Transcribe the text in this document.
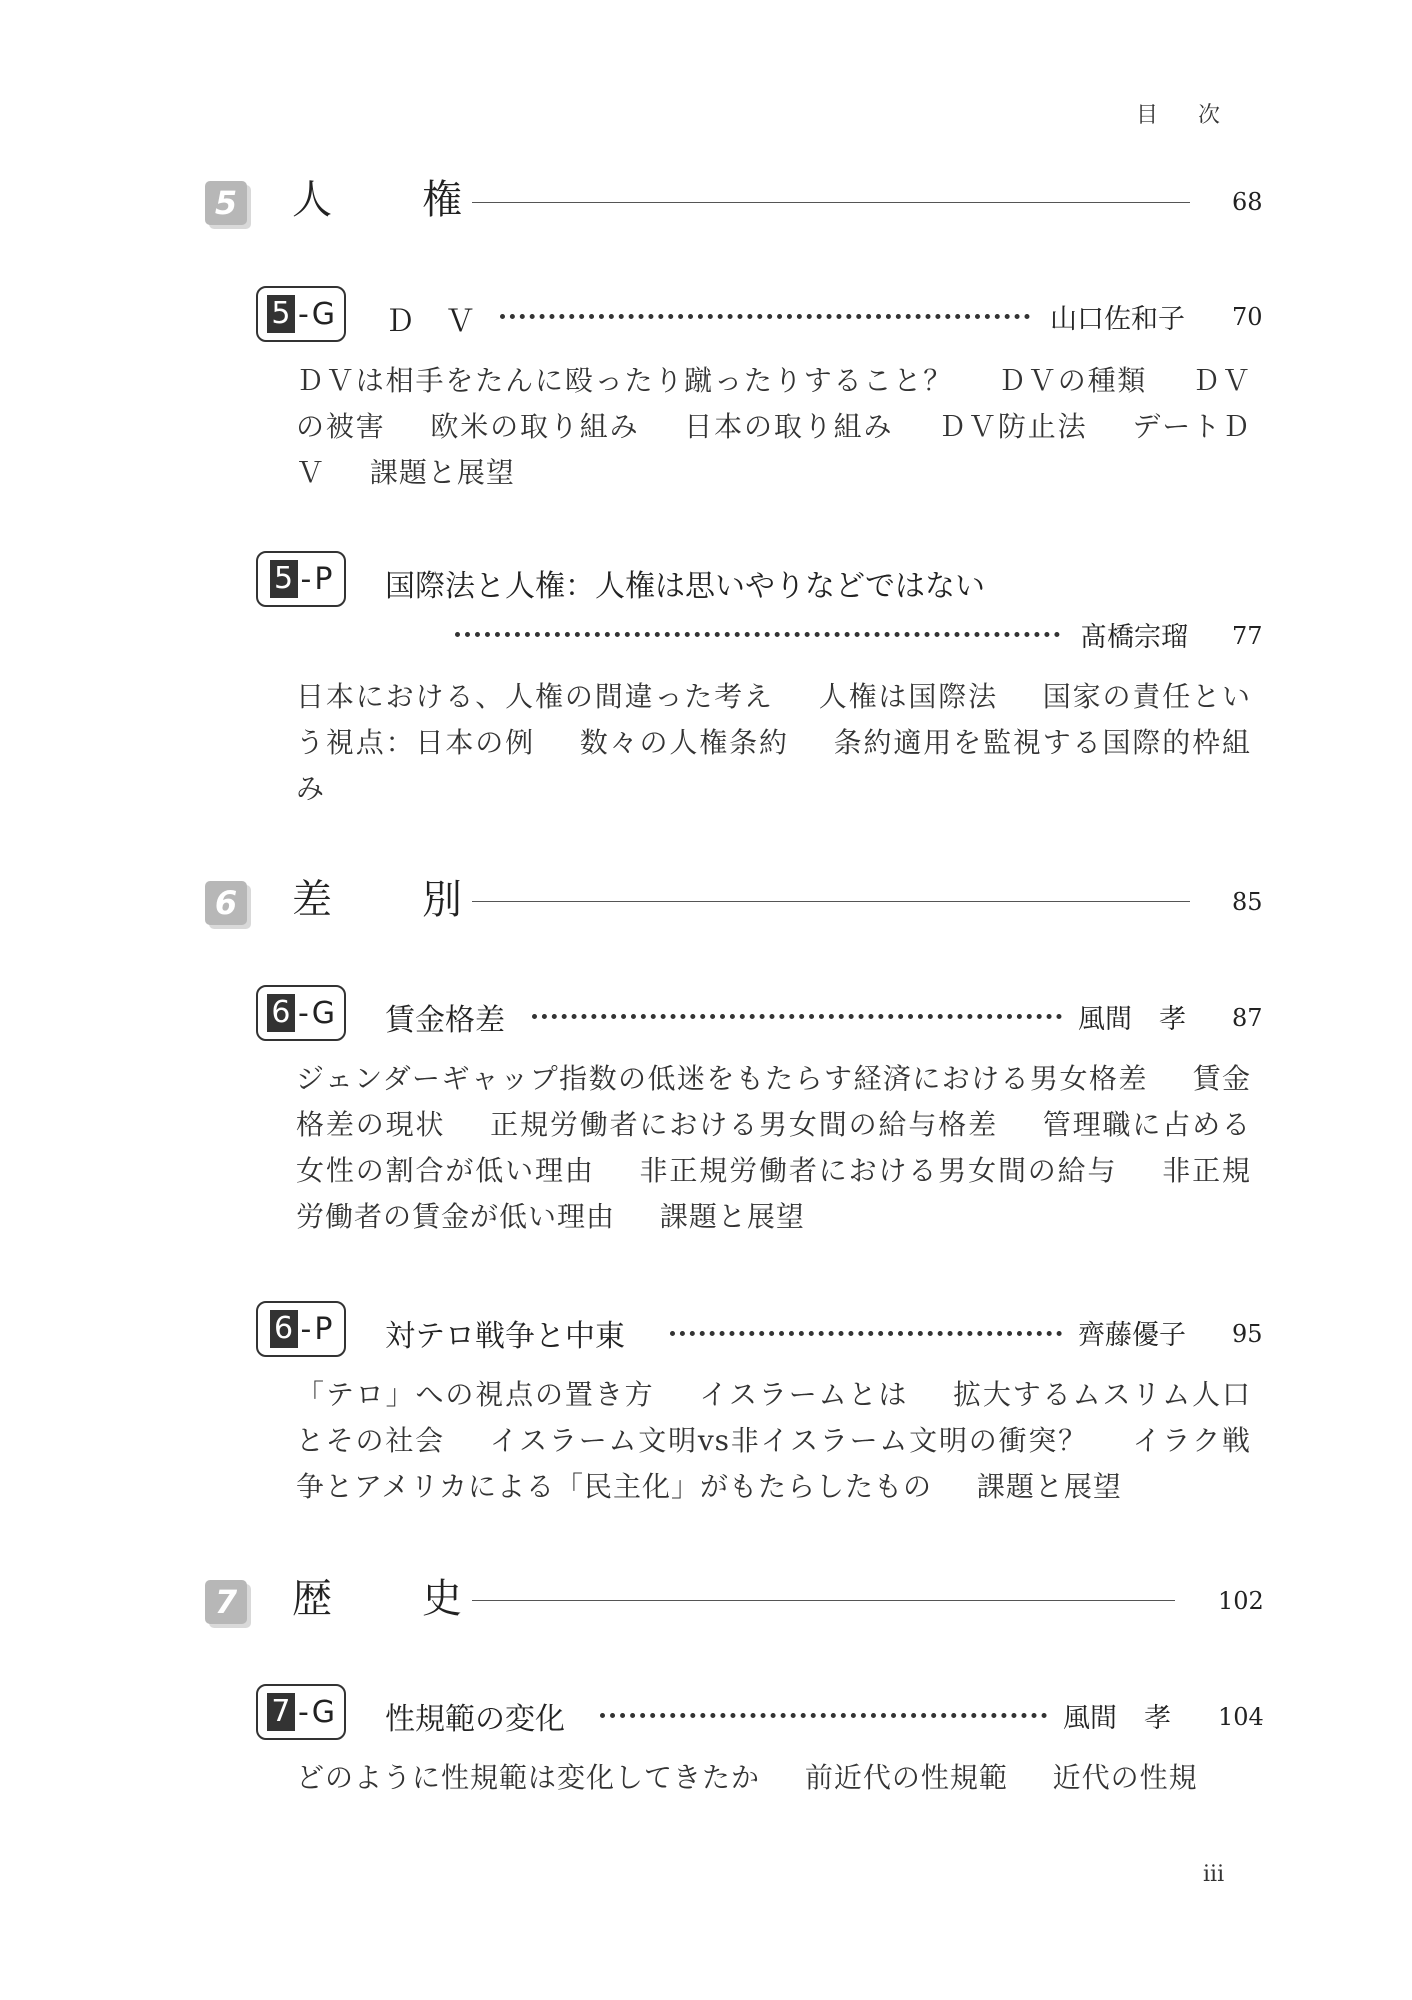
目次
iii
5 人 権	68
5 - G Ｄ　Ｖ	山口佐和子 70
ＤＶは相手をたんに殴ったり蹴ったりすること？ ＤＶの種類 ＤＶの被害 欧米の取り組み 日本の取り組み ＤＶ防止法 デートＤＶ 課題と展望
5 - P 国際法と人権：人権は思いやりなどではない
髙橋宗瑠 77
日本における、人権の間違った考え 人権は国際法 国家の責任という視点：日本の例 数々の人権条約 条約適用を監視する国際的枠組み
6 差 別	85
6 - G 賃金格差	風間　孝 87
ジェンダーギャップ指数の低迷をもたらす経済における男女格差 賃金格差の現状 正規労働者における男女間の給与格差 管理職に占める女性の割合が低い理由 非正規労働者における男女間の給与 非正規労働者の賃金が低い理由 課題と展望
6 - P 対テロ戦争と中東	齊藤優子 95
「テロ」への視点の置き方 イスラームとは 拡大するムスリム人口とその社会 イスラーム文明vs非イスラーム文明の衝突？ イラク戦争とアメリカによる「民主化」がもたらしたもの 課題と展望
7 歴 史	102
7 - G 性規範の変化	風間　孝 104
どのように性規範は変化してきたか 前近代の性規範 近代の性規
